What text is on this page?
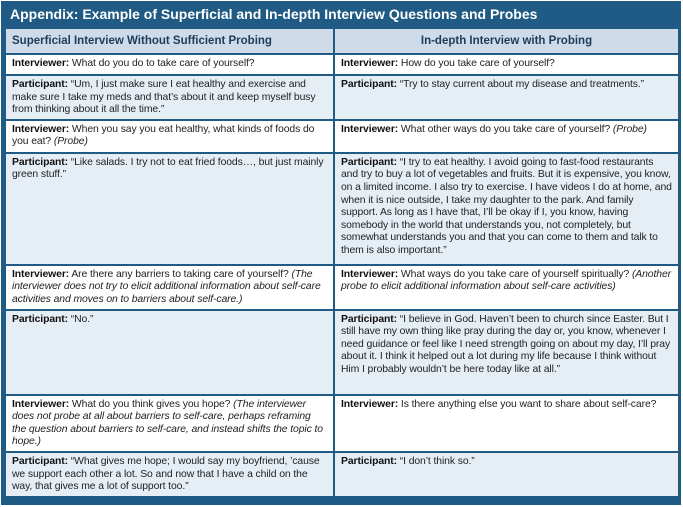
Appendix: Example of Superficial and In-depth Interview Questions and Probes
Superficial Interview Without Sufficient Probing	In-depth Interview with Probing
Interviewer: What do you do to take care of yourself?	Interviewer: How do you take care of yourself?
Participant: “Um, I just make sure I eat healthy and exercise and make sure I take my meds and that’s about it and keep myself busy from thinking about it all the time.”	Participant: “Try to stay current about my disease and treatments.”
Interviewer: When you say you eat healthy, what kinds of foods do you eat? (Probe)	Interviewer: What other ways do you take care of yourself? (Probe)
Participant: “Like salads. I try not to eat fried foods…, but just mainly green stuff.”	Participant: “I try to eat healthy. I avoid going to fast-food restaurants and try to buy a lot of vegetables and fruits. But it is expensive, you know, on a limited income. I also try to exercise. I have videos I do at home, and when it is nice outside, I take my daughter to the park. And family support. As long as I have that, I’ll be okay if I, you know, having somebody in the world that understands you, not completely, but somewhat understands you and that you can come to them and talk to them is also important.”
Interviewer: Are there any barriers to taking care of yourself? (The interviewer does not try to elicit additional information about self-care activities and moves on to barriers about self-care.)	Interviewer: What ways do you take care of yourself spiritually? (Another probe to elicit additional information about self-care activities)
Participant: “No.”	Participant: “I believe in God. Haven’t been to church since Easter. But I still have my own thing like pray during the day or, you know, whenever I need guidance or feel like I need strength going on about my day, I’ll pray about it. I think it helped out a lot during my life because I think without Him I probably wouldn’t be here today like at all.”
Interviewer: What do you think gives you hope? (The interviewer does not probe at all about barriers to self-care, perhaps reframing the question about barriers to self-care, and instead shifts the topic to hope.)	Interviewer: Is there anything else you want to share about self-care?
Participant: “What gives me hope; I would say my boyfriend, ’cause we support each other a lot. So and now that I have a child on the way, that gives me a lot of support too.”	Participant: “I don’t think so.”
